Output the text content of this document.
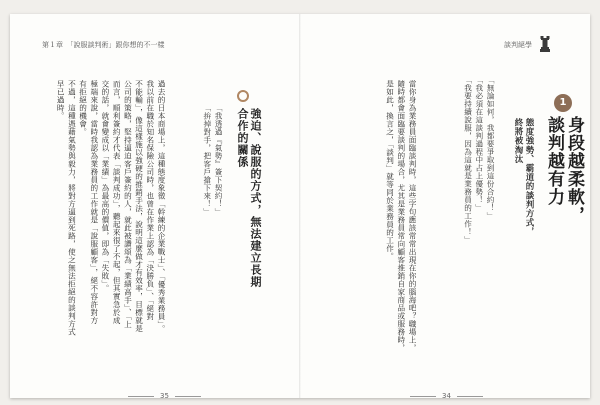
第１章　「說服談判術」跟你想的不一樣	談判絕學
過去的日本商場上，這種態度象徵「幹練的企業戰士」、「優秀業務員」。
我以前在職於知名保險公司時，也曾在作業上認為「決勝負」、「絕對
不能輸」，像這樣施以強硬的推銷手法，說明這麼做才有效率，目標就是
公司的策略，堅持逼迫客戶簽約的人，就此被讚頌為「業績高手」、「上
而言，順利簽約才代表「談判成功」，聽起來很了不起，但其實急於成
交的話，就會變成以「業績」為最高的價值，即為「失敗」。
極端來說，當時我認為業務員的工作就是「說服顧客」，絕不容許對方
有拒絕的機會。
不過，這種憑藉氣勢與毅力，將對方逼到死路，使之無法拒絕的談判方式
早已過時。
「我透過『氣勢』簽下契約！」
「拚掉對手，把客戶搶下來！」	強迫、說服的方式，無法建立長期
合作的關係
35
當你身為業務員面臨談判時，這些字句應該常常出現在你的腦海吧？職場上，
隨時都會面臨要談判的場合，尤其是業務員常向顧客推銷自家商品或服務時，
是如此，換言之，「談判」就等同於業務員的工作。	「無論如何，我都要爭取到這份合約！」
「我必須在這談判過程中占上優勢！」
「我要持續說服，因為這就是業務員的工作！」	態度強勢、霸道的談判方式，
終將被淘汰
1
身段越柔軟，
談判越有力
34
